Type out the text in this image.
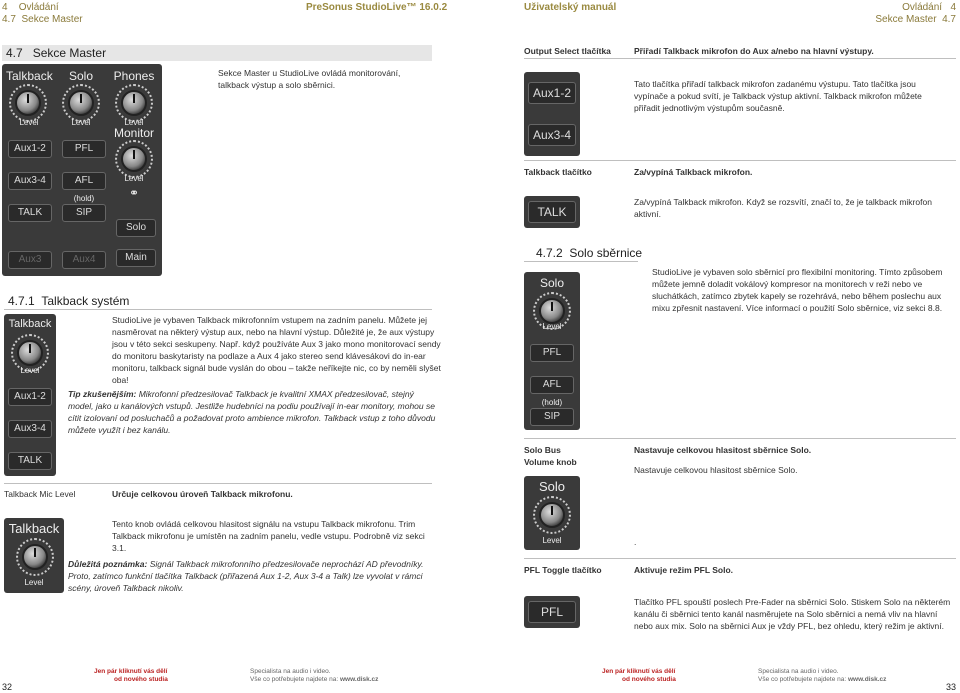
4 Ovládání
4.7 Sekce Master
PreSonus StudioLive™ 16.0.2	Uživatelský manuál	Ovládání 4
Sekce Master 4.7
4.7 Sekce Master
Talkback	Solo	Phones
Level	Level	Level
Monitor
Level
Aux1-2	PFL
Aux3-4	AFL
(hold)
TALK	SIP
⚭
Solo
Aux3	Aux4	Main
Sekce Master u StudioLive ovládá monitorování, talkback výstup a solo sběrnici.
4.7.1 Talkback systém
Talkback
Level
Aux1-2
Aux3-4
TALK
StudioLive je vybaven Talkback mikrofonním vstupem na zadním panelu. Můžete jej nasměrovat na některý výstup aux, nebo na hlavní výstup. Důležité je, že aux výstupy jsou v této sekci seskupeny. Např. když používáte Aux 3 jako mono monitorovací sendy do monitoru baskytaristy na podlaze a Aux 4 jako stereo send klávesákovi do in-ear monitoru, talkback signál bude vyslán do obou – takže neříkejte nic, co by neměli slyšet oba!
Tip zkušenějším: Mikrofonní předzesilovač Talkback je kvalitní XMAX předzesilovač, stejný model, jako u kanálových vstupů. Jestliže hudebníci na podiu používají in-ear monitory, mohou se cítit izolovaní od posluchačů a požadovat proto ambience mikrofon. Talkback vstup z toho důvodu můžete využít i bez kanálu.
Talkback Mic Level	Určuje celkovou úroveň Talkback mikrofonu.
Talkback
Level
Tento knob ovládá celkovou hlasitost signálu na vstupu Talkback mikrofonu. Trim Talkback mikrofonu je umístěn na zadním panelu, vedle vstupu. Podrobně viz sekci 3.1.
Důležitá poznámka: Signál Talkback mikrofonního předzesilovače neprochází AD převodníky. Proto, zatímco funkční tlačítka Talkback (přiřazená Aux 1-2, Aux 3-4 a Talk) lze vyvolat v rámci scény, úroveň Talkback nikoliv.
Output Select tlačítka	Přiřadí Talkback mikrofon do Aux a/nebo na hlavní výstupy.
Aux1-2
Aux3-4
Tato tlačítka přiřadí talkback mikrofon zadanému výstupu. Tato tlačítka jsou vypínače a pokud svítí, je Talkback výstup aktivní. Talkback mikrofon můžete přiřadit jednotlivým výstupům současně.
Talkback tlačítko	Za/vypíná Talkback mikrofon.
TALK
Za/vypíná Talkback mikrofon. Když se rozsvítí, značí to, že je talkback mikrofon aktivní.
4.7.2 Solo sběrnice
Solo
Level
PFL
AFL
(hold)
SIP
StudioLive je vybaven solo sběrnicí pro flexibilní monitoring. Tímto způsobem můžete jemně doladit vokálový kompresor na monitorech v reži nebo ve sluchátkách, zatímco zbytek kapely se rozehrává, nebo během poslechu aux mixu zpřesnit nastavení. Více informací o použití Solo sběrnice, viz sekci 8.8.
Solo Bus
Volume knob
Nastavuje celkovou hlasitost sběrnice Solo.
Nastavuje celkovou hlasitost sběrnice Solo.
Solo
Level	.
PFL Toggle tlačítko	Aktivuje režim PFL Solo.
PFL
Tlačítko PFL spouští poslech Pre-Fader na sběrnici Solo. Stiskem Solo na některém kanálu či sběrnici tento kanál nasměrujete na Solo sběrnici a nemá vliv na hlavní nebo aux mix. Solo na sběrnici Aux je vždy PFL, bez ohledu, který režim je aktivní.
32
Jen pár kliknutí vás dělí
od nového studia
Specialista na audio i video.
Vše co potřebujete najdete na: www.disk.cz
Jen pár kliknutí vás dělí
od nového studia
Specialista na audio i video.
Vše co potřebujete najdete na: www.disk.cz
33
